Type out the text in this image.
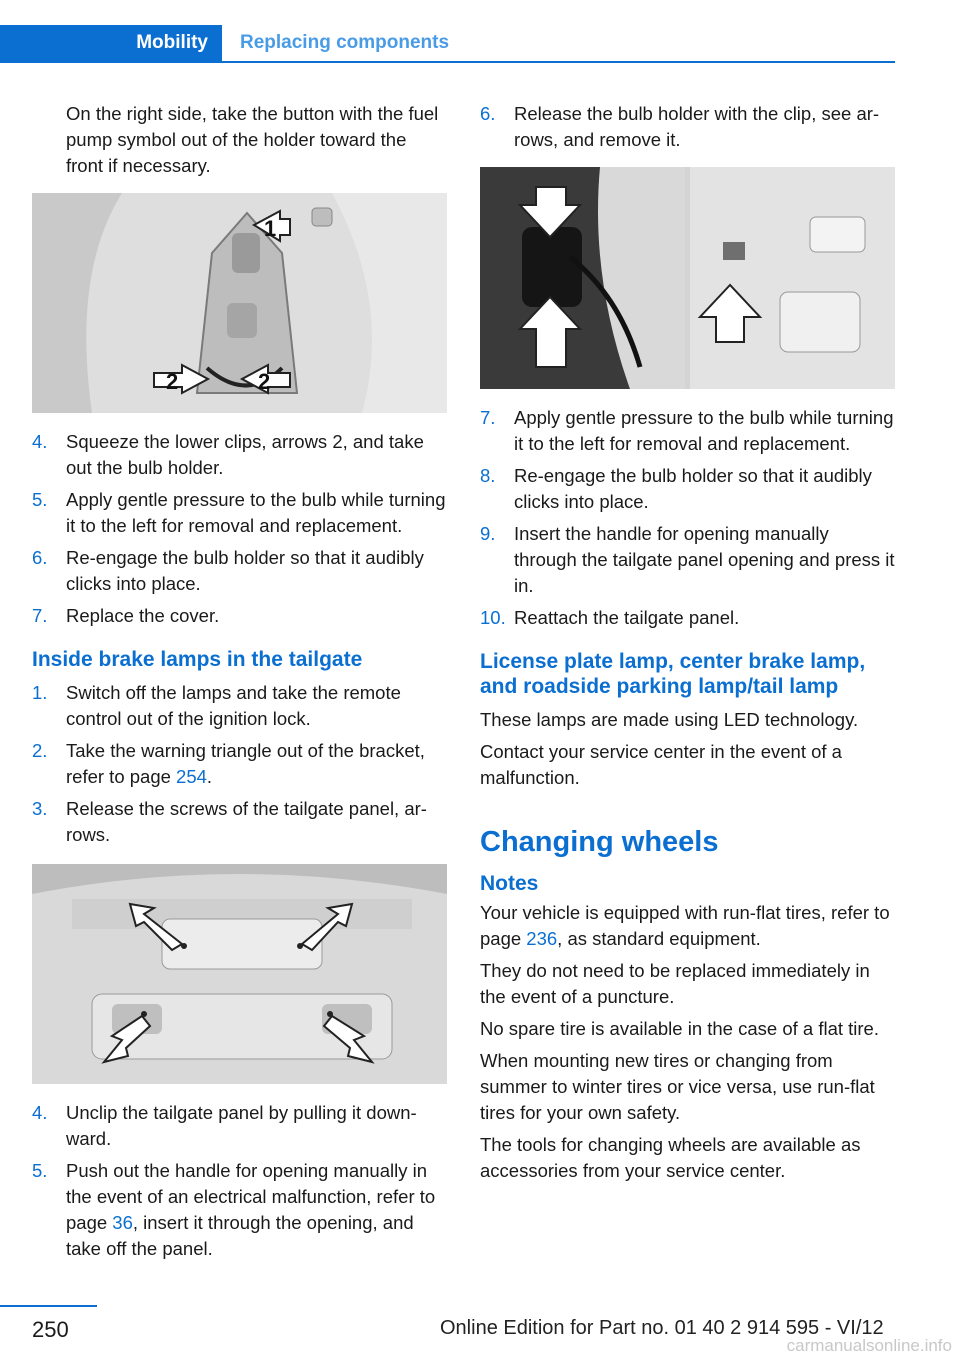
Mobility	Replacing components

On the right side, take the button with the fuel pump symbol out of the holder toward the front if necessary.

1
2	2
4.	Squeeze the lower clips, arrows 2, and take out the bulb holder.
5.	Apply gentle pressure to the bulb while turning it to the left for removal and replacement.
6.	Re-engage the bulb holder so that it audibly clicks into place.
7.	Replace the cover.
Inside brake lamps in the tailgate
1.	Switch off the lamps and take the remote control out of the ignition lock.
2.	Take the warning triangle out of the bracket, refer to page 254.
3.	Release the screws of the tailgate panel, arrows.
4.	Unclip the tailgate panel by pulling it downward.
5.	Push out the handle for opening manually in the event of an electrical malfunction, refer to page 36, insert it through the opening, and take off the panel.
6.	Release the bulb holder with the clip, see arrows, and remove it.
7.	Apply gentle pressure to the bulb while turning it to the left for removal and replacement.
8.	Re-engage the bulb holder so that it audibly clicks into place.
9.	Insert the handle for opening manually through the tailgate panel opening and press it in.
10. Reattach the tailgate panel.
License plate lamp, center brake lamp, and roadside parking lamp/tail lamp

These lamps are made using LED technology.

Contact your service center in the event of a malfunction.

Changing wheels
Notes

Your vehicle is equipped with run-flat tires, refer to page 236, as standard equipment.

They do not need to be replaced immediately in the event of a puncture.

No spare tire is available in the case of a flat tire.

When mounting new tires or changing from summer to winter tires or vice versa, use run-flat tires for your own safety.

The tools for changing wheels are available as accessories from your service center.

250	Online Edition for Part no. 01 40 2 914 595 - VI/12
carmanualsonline.info
